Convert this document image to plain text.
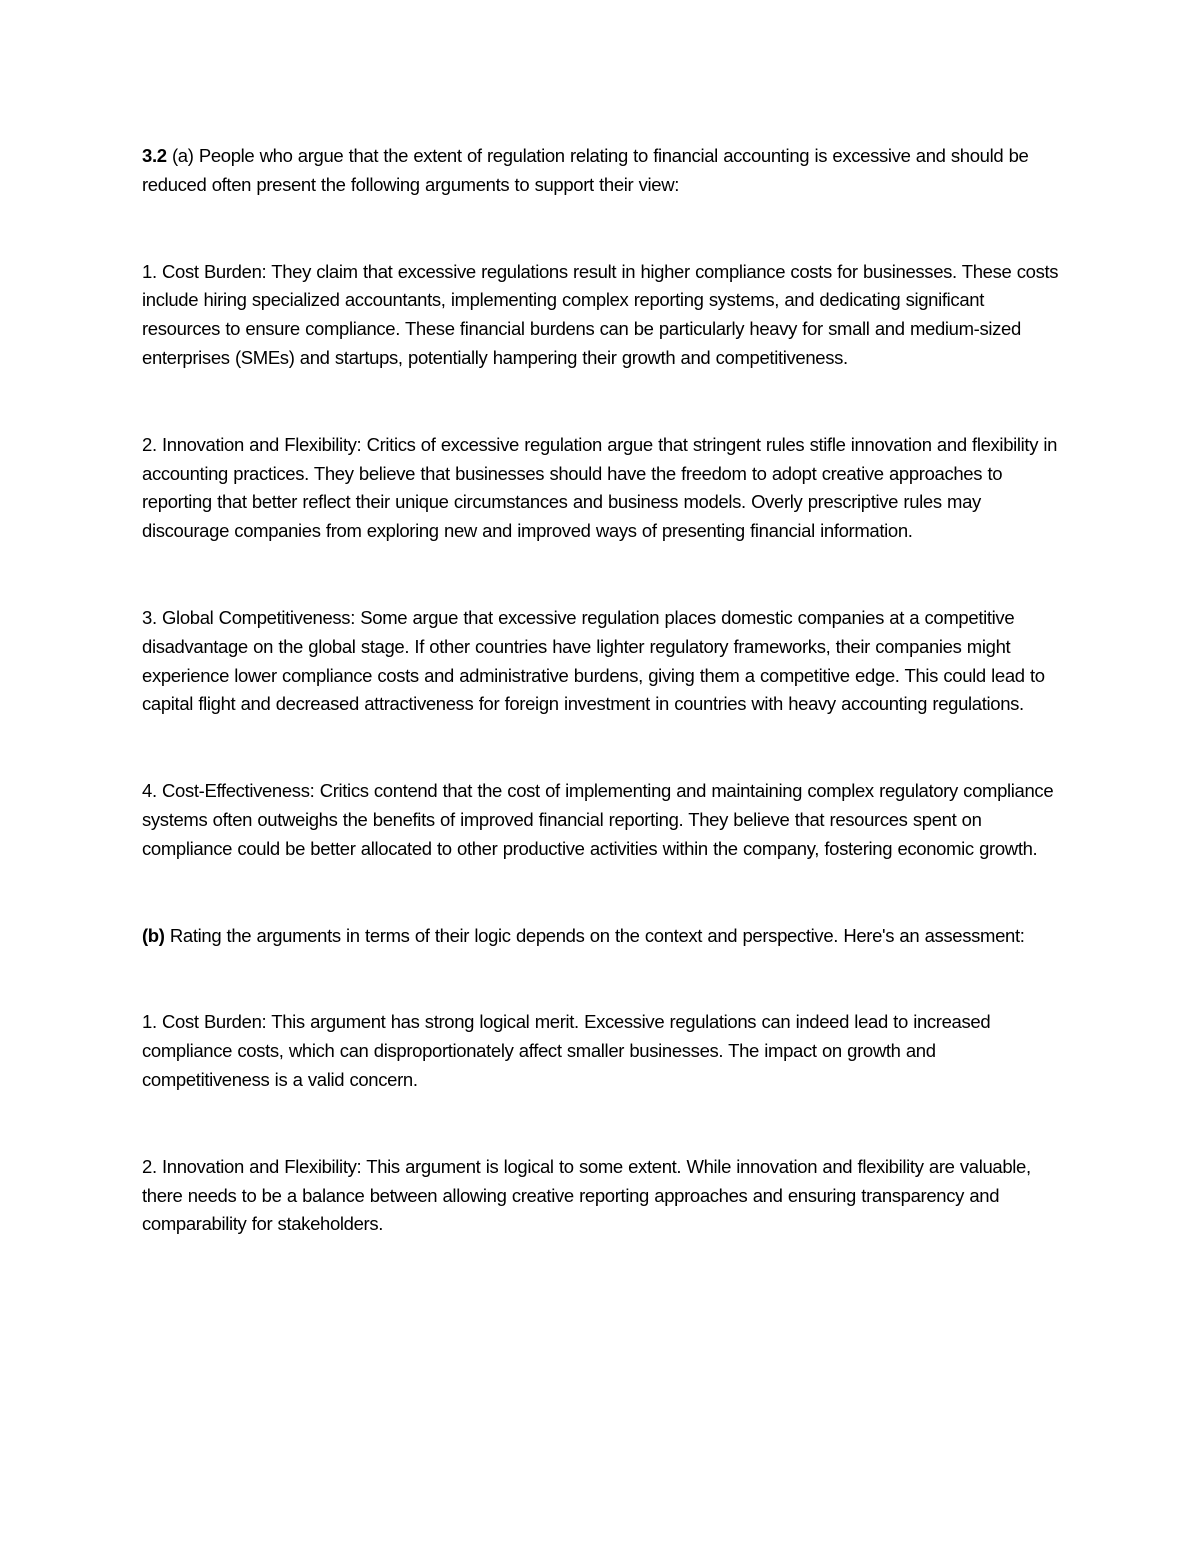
3.2 (a) People who argue that the extent of regulation relating to financial accounting is excessive and should be reduced often present the following arguments to support their view:

1. Cost Burden: They claim that excessive regulations result in higher compliance costs for businesses. These costs include hiring specialized accountants, implementing complex reporting systems, and dedicating significant resources to ensure compliance. These financial burdens can be particularly heavy for small and medium-sized enterprises (SMEs) and startups, potentially hampering their growth and competitiveness.

2. Innovation and Flexibility: Critics of excessive regulation argue that stringent rules stifle innovation and flexibility in accounting practices. They believe that businesses should have the freedom to adopt creative approaches to reporting that better reflect their unique circumstances and business models. Overly prescriptive rules may discourage companies from exploring new and improved ways of presenting financial information.

3. Global Competitiveness: Some argue that excessive regulation places domestic companies at a competitive disadvantage on the global stage. If other countries have lighter regulatory frameworks, their companies might experience lower compliance costs and administrative burdens, giving them a competitive edge. This could lead to capital flight and decreased attractiveness for foreign investment in countries with heavy accounting regulations.

4. Cost-Effectiveness: Critics contend that the cost of implementing and maintaining complex regulatory compliance systems often outweighs the benefits of improved financial reporting. They believe that resources spent on compliance could be better allocated to other productive activities within the company, fostering economic growth.

(b) Rating the arguments in terms of their logic depends on the context and perspective. Here's an assessment:

1. Cost Burden: This argument has strong logical merit. Excessive regulations can indeed lead to increased compliance costs, which can disproportionately affect smaller businesses. The impact on growth and competitiveness is a valid concern.

2. Innovation and Flexibility: This argument is logical to some extent. While innovation and flexibility are valuable, there needs to be a balance between allowing creative reporting approaches and ensuring transparency and comparability for stakeholders.
